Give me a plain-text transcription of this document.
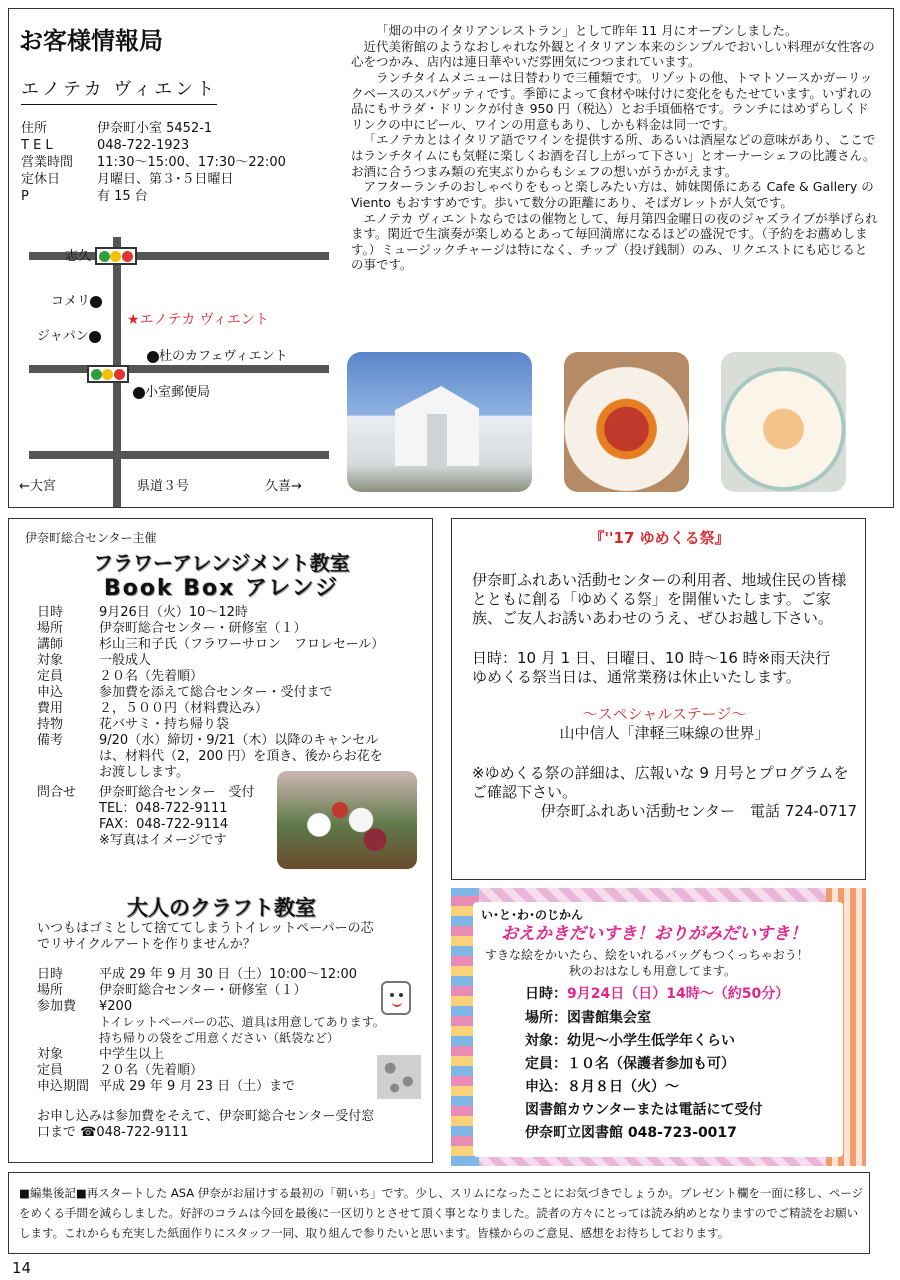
お客様情報局
エノテカ ヴィエント
住所	伊奈町小室 5452-1
T E L	048-722-1923
営業時間	11:30～15:00、17:30～22:00
定休日	月曜日、第３･５日曜日
P	有 15 台
志久
コメリ
ジャパン
★エノテカ ヴィエント
杜のカフェヴィエント
小室郵便局
←大宮	県道３号	久喜→

「畑の中のイタリアンレストラン」として昨年 11 月にオープンしました。

近代美術館のようなおしゃれな外観とイタリアン本来のシンプルでおいしい料理が女性客の心をつかみ、店内は連日華やいだ雰囲気につつまれています。

ランチタイムメニューは日替わりで三種類です。リゾットの他、トマトソースかガーリックベースのスパゲッティです。季節によって食材や味付けに変化をもたせています。いずれの品にもサラダ・ドリンクが付き 950 円（税込）とお手頃価格です。ランチにはめずらしくドリンクの中にビール、ワインの用意もあり、しかも料金は同一です。

「エノテカとはイタリア語でワインを提供する所、あるいは酒屋などの意味があり、ここではランチタイムにも気軽に楽しくお酒を召し上がって下さい」とオーナーシェフの比護さん。お酒に合うつまみ類の充実ぶりからもシェフの想いがうかがえます。

アフターランチのおしゃべりをもっと楽しみたい方は、姉妹関係にある Cafe & Gallery の Viento もおすすめです。歩いて数分の距離にあり、そばガレットが人気です。

エノテカ ヴィエントならではの催物として、毎月第四金曜日の夜のジャズライブが挙げられます。閑近で生演奏が楽しめるとあって毎回満席になるほどの盛況です。（予約をお薦めします。）ミュージックチャージは特になく、チップ（投げ銭制）のみ、リクエストにも応じるとの事です。

伊奈町総合センター主催
フラワーアレンジメント教室
Book Box アレンジ
日時	9月26日（火）10～12時
場所	伊奈町総合センター・研修室（１）
講師	杉山三和子氏（フラワーサロン　フロレセール）
対象	一般成人
定員	２０名（先着順）
申込	参加費を添えて総合センター・受付まで
費用	２，５００円（材料費込み）
持物	花バサミ・持ち帰り袋
備考	9/20（水）締切・9/21（木）以降のキャンセル
は、材料代（2，200 円）を頂き、後からお花を
お渡しします。
問合せ	伊奈町総合センター　受付
TEL：048-722-9111
FAX：048-722-9114
※写真はイメージです
大人のクラフト教室
いつもはゴミとして捨ててしまうトイレットペーパーの芯
でリサイクルアートを作りませんか？
日時	平成 29 年 9 月 30 日（土）10:00～12:00
場所	伊奈町総合センター・研修室（１）
参加費	¥200
トイレットペーパーの芯、道具は用意してあります。
持ち帰りの袋をご用意ください（紙袋など）
対象	中学生以上
定員	２０名（先着順）
申込期間 平成 29 年 9 月 23 日（土）まで
お申し込みは参加費をそえて、伊奈町総合センター受付窓
口まで ☎048-722-9111
『''17 ゆめくる祭』

伊奈町ふれあい活動センターの利用者、地域住民の皆様とともに創る「ゆめくる祭」を開催いたします。ご家族、ご友人お誘いあわせのうえ、ぜひお越し下さい。

日時：10 月 1 日、日曜日、10 時～16 時※雨天決行

ゆめくる祭当日は、通常業務は休止いたします。

～スペシャルステージ～

山中信人「津軽三味線の世界」

※ゆめくる祭の詳細は、広報いな 9 月号とプログラムをご確認下さい。

伊奈町ふれあい活動センター　電話 724-0717

い･と･わ･のじかん
おえかきだいすき！おりがみだいすき！
すきな絵をかいたら、絵をいれるバッグもつくっちゃおう！
秋のおはなしも用意してます。
日時：9月24日（日）14時～（約50分）
場所：図書館集会室
対象：幼児～小学生低学年くらい
定員：１０名（保護者参加も可）
申込：８月８日（火）～
図書館カウンターまたは電話にて受付
伊奈町立図書館 048-723-0017

■編集後記■再スタートした ASA 伊奈がお届けする最初の「朝いち」です。少し、スリムになったことにお気づきでしょうか。プレゼント欄を一面に移し、ページをめくる手間を減らしました。好評のコラムは今回を最後に一区切りとさせて頂く事となりました。読者の方々にとっては読み納めとなりますのでご精読をお願いします。これからも充実した紙面作りにスタッフ一同、取り組んで参りたいと思います。皆様からのご意見、感想をお待ちしております。

14
